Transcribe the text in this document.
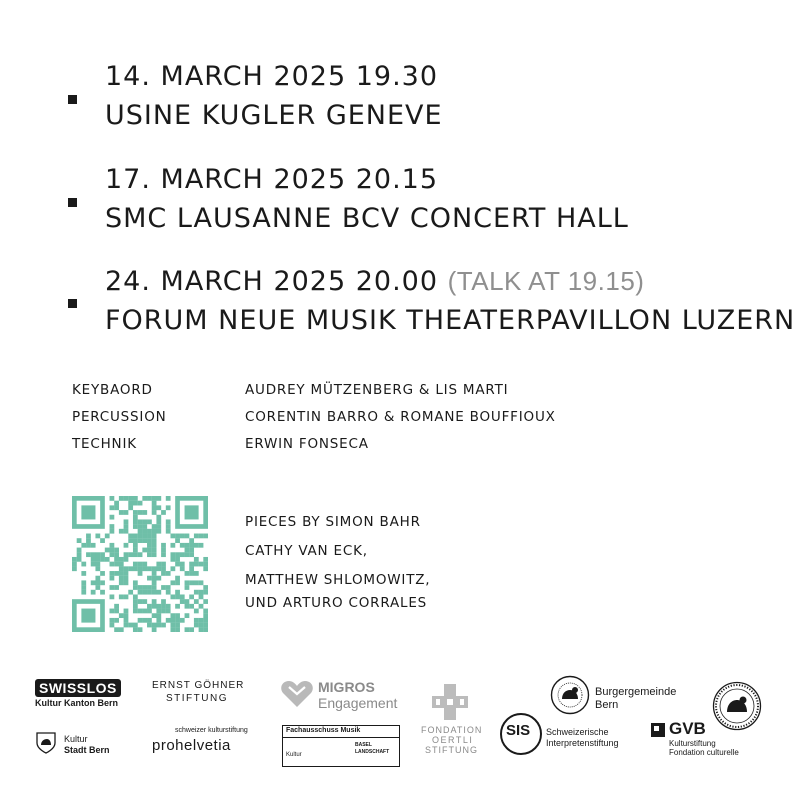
14. MARCH 2025 19.30
USINE KUGLER GENEVE
17. MARCH 2025 20.15
SMC LAUSANNE BCV CONCERT HALL
24. MARCH 2025 20.00 (TALK AT 19.15)
FORUM NEUE MUSIK THEATERPAVILLON LUZERN
KEYBAORD	AUDREY MÜTZENBERG & LIS MARTI
PERCUSSION	CORENTIN BARRO & ROMANE BOUFFIOUX
TECHNIK	ERWIN FONSECA
PIECES BY SIMON BAHR
CATHY VAN ECK,
MATTHEW SHLOMOWITZ,
UND ARTURO CORRALES
SWISSLOS
Kultur Kanton Bern
ERNST GÖHNER
STIFTUNG
MIGROS
Engagement
FONDATION
OERTLI
STIFTUNG
Burgergemeinde
Bern
Kultur
Stadt Bern
schweizer kulturstiftung
prohelvetia
Fachausschuss Musik
Kultur
BASEL LANDSCHAFT
SIS Schweizerische
Interpretenstiftung
GVB
Kulturstiftung
Fondation culturelle
